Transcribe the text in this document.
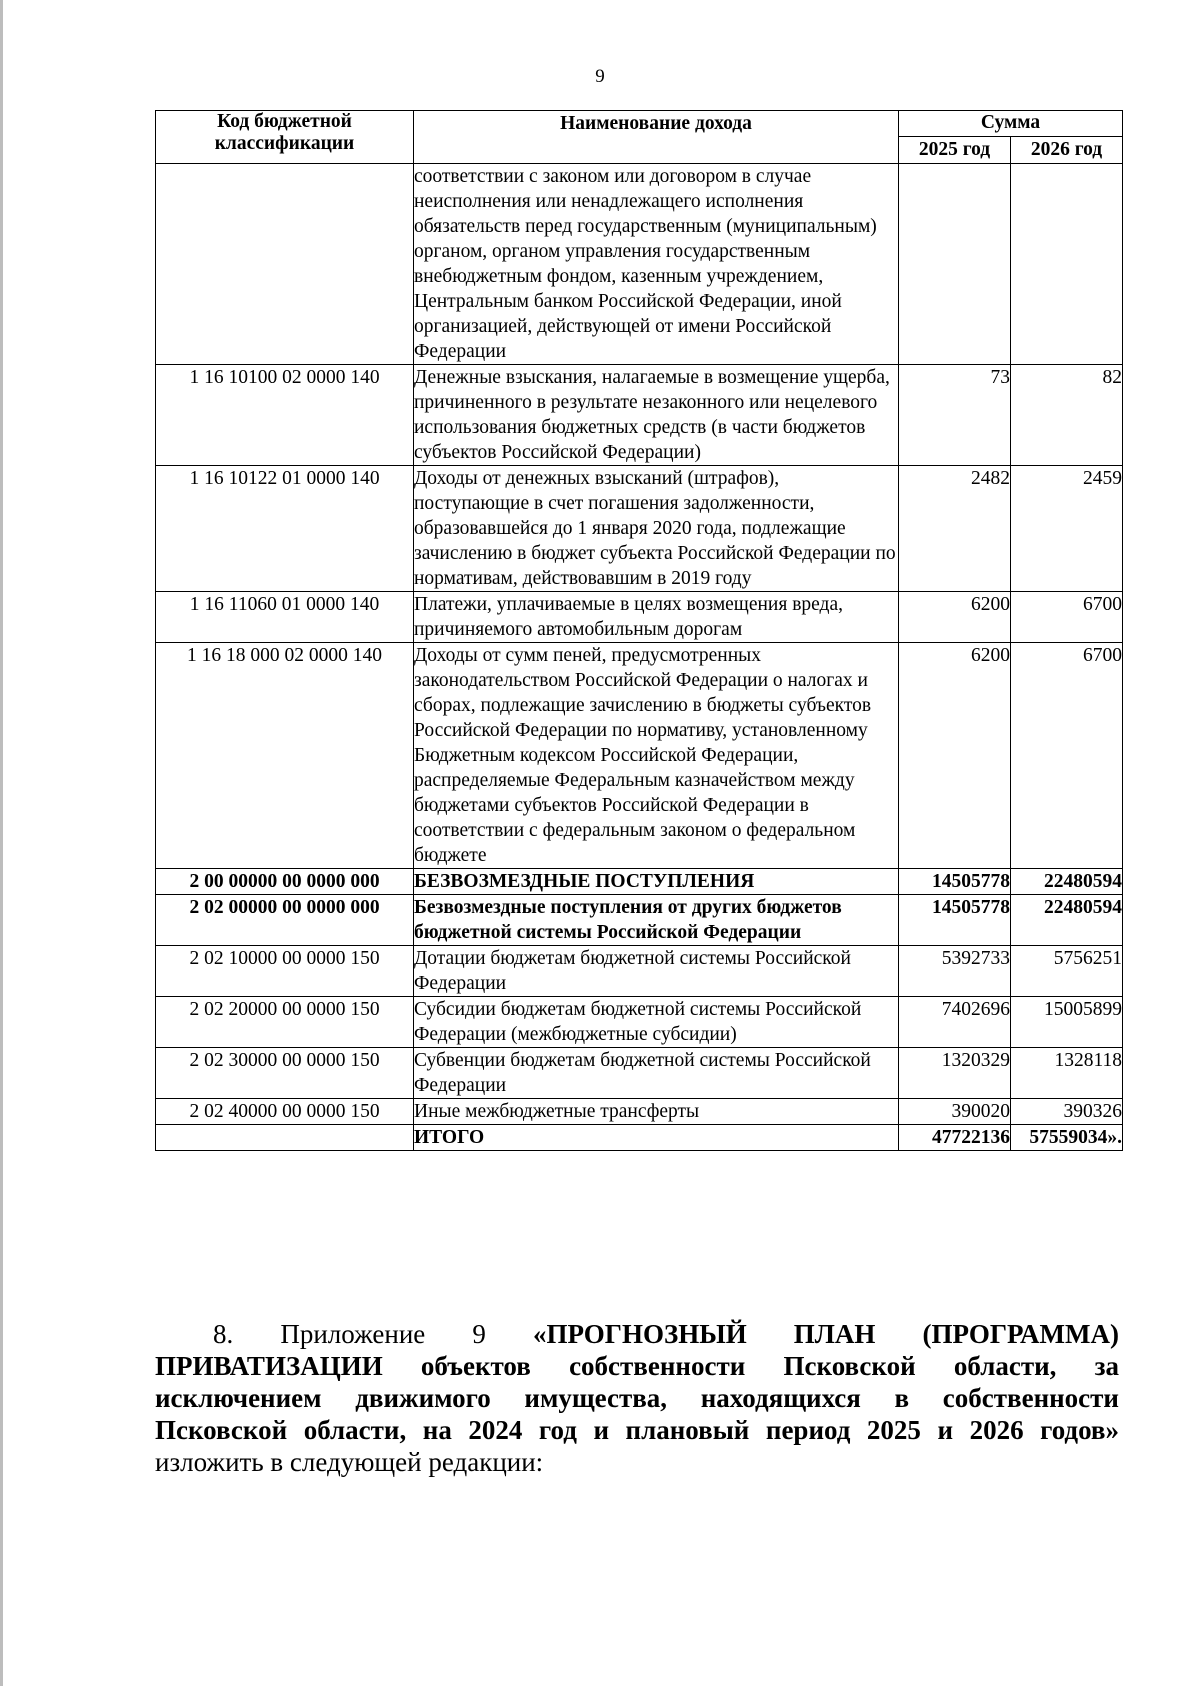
9
Код бюджетной классификации	Наименование дохода	Сумма	
		2025 год	2026 год
	соответствии с законом или договором в случае неисполнения или ненадлежащего исполнения обязательств перед государственным (муниципальным) органом, органом управления государственным внебюджетным фондом, казенным учреждением, Центральным банком Российской Федерации, иной организацией, действующей от имени Российской Федерации		
1 16 10100 02 0000 140	Денежные взыскания, налагаемые в возмещение ущерба, причиненного в результате незаконного или нецелевого использования бюджетных средств (в части бюджетов субъектов Российской Федерации)	73	82
1 16 10122 01 0000 140	Доходы от денежных взысканий (штрафов), поступающие в счет погашения задолженности, образовавшейся до 1 января 2020 года, подлежащие зачислению в бюджет субъекта Российской Федерации по нормативам, действовавшим в 2019 году	2482	2459
1 16 11060 01 0000 140	Платежи, уплачиваемые в целях возмещения вреда, причиняемого автомобильным дорогам	6200	6700
1 16 18 000 02 0000 140	Доходы от сумм пеней, предусмотренных законодательством Российской Федерации о налогах и сборах, подлежащие зачислению в бюджеты субъектов Российской Федерации по нормативу, установленному Бюджетным кодексом Российской Федерации, распределяемые Федеральным казначейством между бюджетами субъектов Российской Федерации в соответствии с федеральным законом о федеральном бюджете	6200	6700
2 00 00000 00 0000 000	БЕЗВОЗМЕЗДНЫЕ ПОСТУПЛЕНИЯ	14505778	22480594
2 02 00000 00 0000 000	Безвозмездные поступления от других бюджетов бюджетной системы Российской Федерации	14505778	22480594
2 02 10000 00 0000 150	Дотации бюджетам бюджетной системы Российской Федерации	5392733	5756251
2 02 20000 00 0000 150	Субсидии бюджетам бюджетной системы Российской Федерации (межбюджетные субсидии)	7402696	15005899
2 02 30000 00 0000 150	Субвенции бюджетам бюджетной системы Российской Федерации	1320329	1328118
2 02 40000 00 0000 150	Иные межбюджетные трансферты	390020	390326
	ИТОГО	47722136	57559034».
8. Приложение 9 «ПРОГНОЗНЫЙ ПЛАН (ПРОГРАММА) ПРИВАТИЗАЦИИ объектов собственности Псковской области, за исключением движимого имущества, находящихся в собственности Псковской области, на 2024 год и плановый период 2025 и 2026 годов» изложить в следующей редакции:
